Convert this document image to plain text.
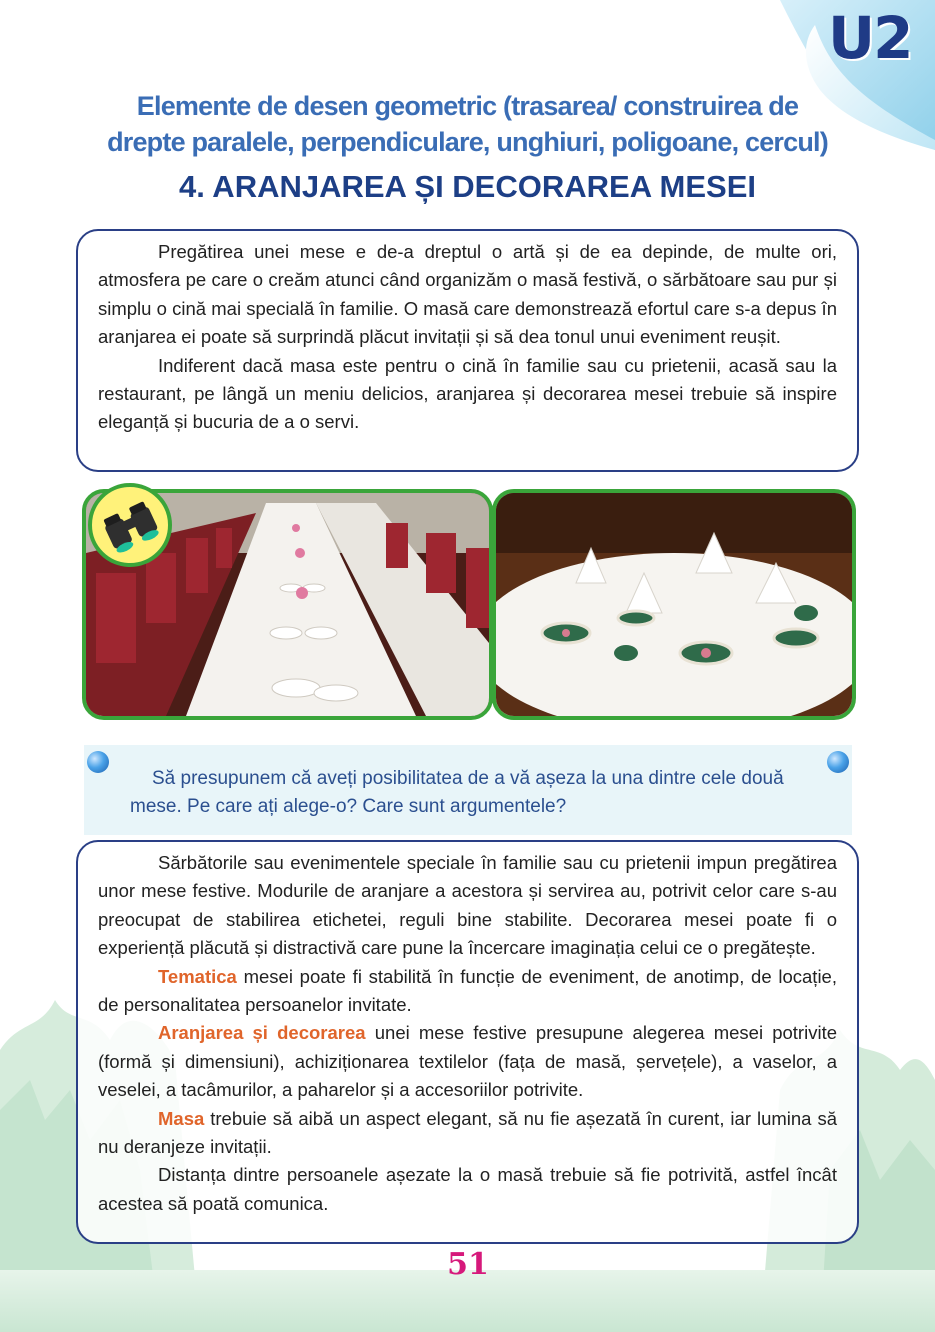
U2
Elemente de desen geometric (trasarea/ construirea de
drepte paralele, perpendiculare, unghiuri, poligoane, cercul)
4. ARANJAREA ȘI DECORAREA MESEI

Pregătirea unei mese e de-a dreptul o artă și de ea depinde, de multe ori, atmosfera pe care o creăm atunci când organizăm o masă festivă, o sărbătoare sau pur și simplu o cină mai specială în familie. O masă care demonstrează efortul care s-a depus în aranjarea ei poate să surprindă plăcut invitații și să dea tonul unui eveniment reușit.

Indiferent dacă masa este pentru o cină în familie sau cu prietenii, acasă sau la restaurant, pe lângă un meniu delicios, aranjarea și decorarea mesei trebuie să inspire eleganță și bucuria de a o servi.

Să presupunem că aveți posibilitatea de a vă așeza la una dintre cele două mese. Pe care ați alege-o? Care sunt argumentele?

Sărbătorile sau evenimentele speciale în familie sau cu prietenii impun pregătirea unor mese festive. Modurile de aranjare a acestora și servirea au, potrivit celor care s-au preocupat de stabilirea etichetei, reguli bine stabilite. Decorarea mesei poate fi o experiență plăcută și distractivă care pune la încercare imaginația celui ce o pregătește.

Tematica mesei poate fi stabilită în funcție de eveniment, de anotimp, de locație, de personalitatea persoanelor invitate.

Aranjarea și decorarea unei mese festive presupune alegerea mesei potrivite (formă și dimensiuni), achiziționarea textilelor (fața de masă, șervețele), a vaselor, a veselei, a tacâmurilor, a paharelor și a accesoriilor potrivite.

Masa trebuie să aibă un aspect elegant, să nu fie așezată în curent, iar lumina să nu deranjeze invitații.

Distanța dintre persoanele așezate la o masă trebuie să fie potrivită, astfel încât acestea să poată comunica.

51
